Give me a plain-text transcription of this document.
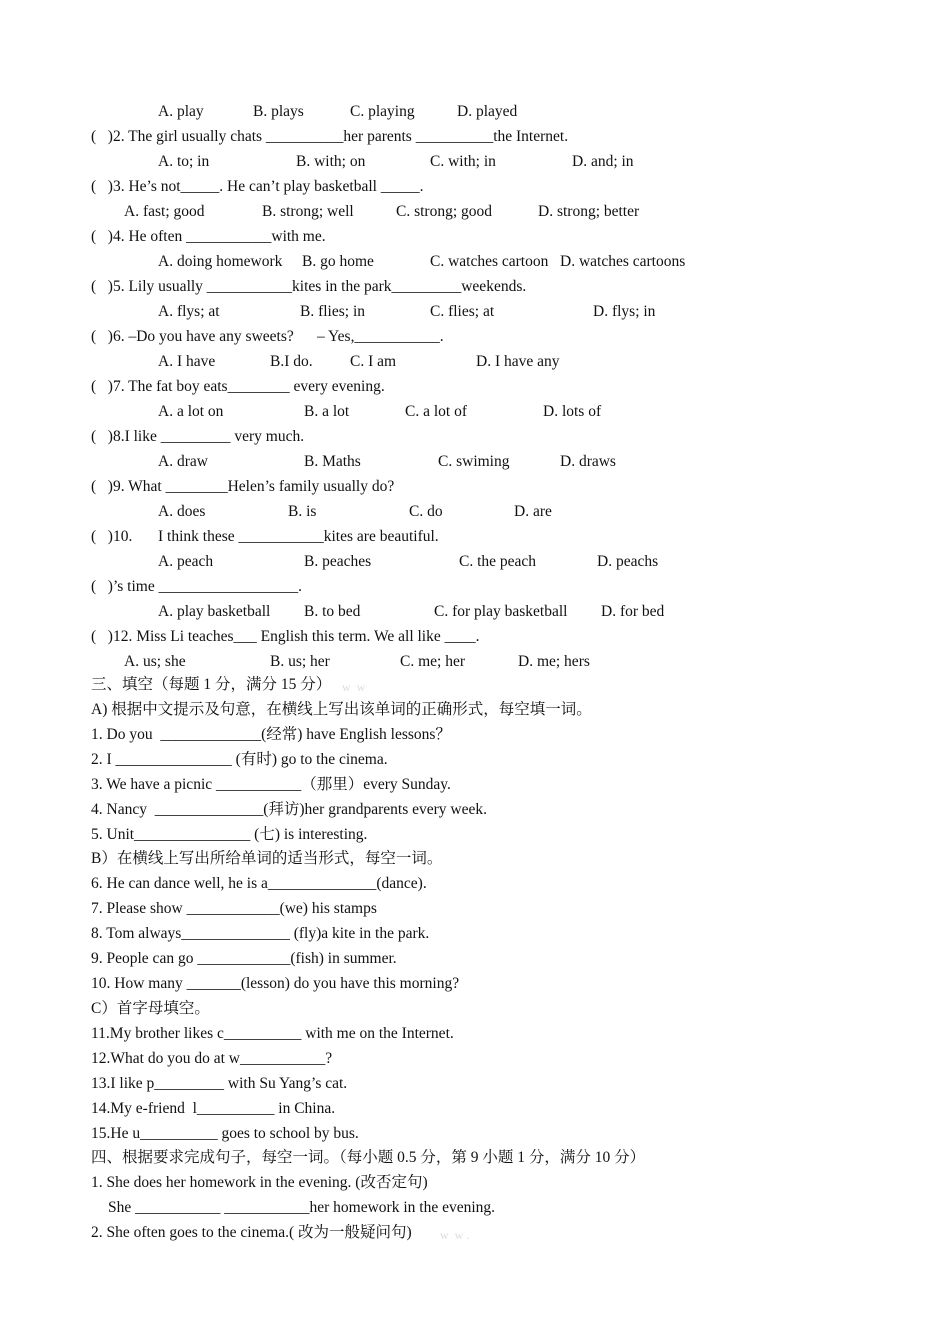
A. play	B. plays	C. playing	D. played
(   )2. The girl usually chats __________her parents __________the Internet.
A. to; in	B. with; on	C. with; in	D. and; in
(   )3. He’s not_____. He can’t play basketball _____.
A. fast; good	B. strong; well	C. strong; good	D. strong; better
(   )4. He often ___________with me.
A. doing homework B. go home	C. watches cartoon D. watches cartoons
(   )5. Lily usually ___________kites in the park_________weekends.
A. flys; at	B. flies; in	C. flies; at	D. flys; in
(   )6. –Do you have any sweets?      – Yes,___________.
A. I have	B.I do. C. I am	D. I have any
(   )7. The fat boy eats________ every evening.
A. a lot on	B. a lot	C. a lot of	D. lots of
(   )8.I like _________ very much.
A. draw	B. Maths	C. swiming	D. draws
(   )9. What ________Helen’s family usually do?
A. does	B. is	C. do	D. are
(   )10. I think these ___________kites are beautiful.
A. peach	B. peaches	C. the peach	D. peachs
(   )’s time __________________.
A. play basketball B. to bed	C. for play basketball D. for bed
(   )12. Miss Li teaches___ English this term. We all like ____.
A. us; she	B. us; her	C. me; her	D. me; hers
三、填空（每题 1 分，满分 15 分） w  w
A) 根据中文提示及句意，在横线上写出该单词的正确形式，每空填一词。
1. Do you  _____________(经常) have English lessons？
2. I _______________ (有时) go to the cinema.
3. We have a picnic ___________（那里）every Sunday.
4. Nancy  ______________(拜访)her grandparents every week.
5. Unit_______________ (七) is interesting.
B）在横线上写出所给单词的适当形式，每空一词。
6. He can dance well, he is a______________(dance).
7. Please show ____________(we) his stamps
8. Tom always______________ (fly)a kite in the park.
9. People can go ____________(fish) in summer.
10. How many _______(lesson) do you have this morning?
C）首字母填空。
11.My brother likes c__________ with me on the Internet.
12.What do you do at w___________?
13.I like p_________ with Su Yang’s cat.
14.My e-friend  l__________ in China.
15.He u__________ goes to school by bus.
四、根据要求完成句子，每空一词。（每小题 0.5 分，第 9 小题 1 分，满分 10 分）
1. She does her homework in the evening. (改否定句)
She ___________ ___________her homework in the evening.
2. She often goes to the cinema.( 改为一般疑问句) w  w .
